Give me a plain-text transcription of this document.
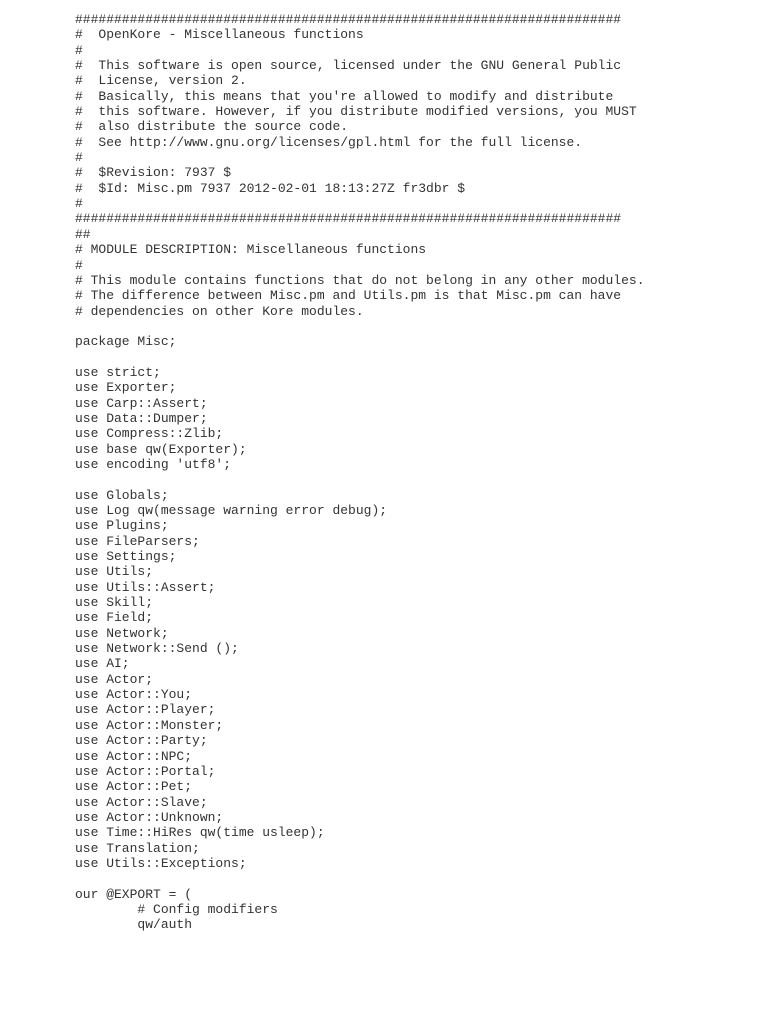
######################################################################
#  OpenKore - Miscellaneous functions
#
#  This software is open source, licensed under the GNU General Public
#  License, version 2.
#  Basically, this means that you're allowed to modify and distribute
#  this software. However, if you distribute modified versions, you MUST
#  also distribute the source code.
#  See http://www.gnu.org/licenses/gpl.html for the full license.
#
#  $Revision: 7937 $
#  $Id: Misc.pm 7937 2012-02-01 18:13:27Z fr3dbr $
#
######################################################################
##
# MODULE DESCRIPTION: Miscellaneous functions
#
# This module contains functions that do not belong in any other modules.
# The difference between Misc.pm and Utils.pm is that Misc.pm can have
# dependencies on other Kore modules.
package Misc;
use strict;
use Exporter;
use Carp::Assert;
use Data::Dumper;
use Compress::Zlib;
use base qw(Exporter);
use encoding 'utf8';
use Globals;
use Log qw(message warning error debug);
use Plugins;
use FileParsers;
use Settings;
use Utils;
use Utils::Assert;
use Skill;
use Field;
use Network;
use Network::Send ();
use AI;
use Actor;
use Actor::You;
use Actor::Player;
use Actor::Monster;
use Actor::Party;
use Actor::NPC;
use Actor::Portal;
use Actor::Pet;
use Actor::Slave;
use Actor::Unknown;
use Time::HiRes qw(time usleep);
use Translation;
use Utils::Exceptions;
our @EXPORT = (
# Config modifiers
qw/auth
